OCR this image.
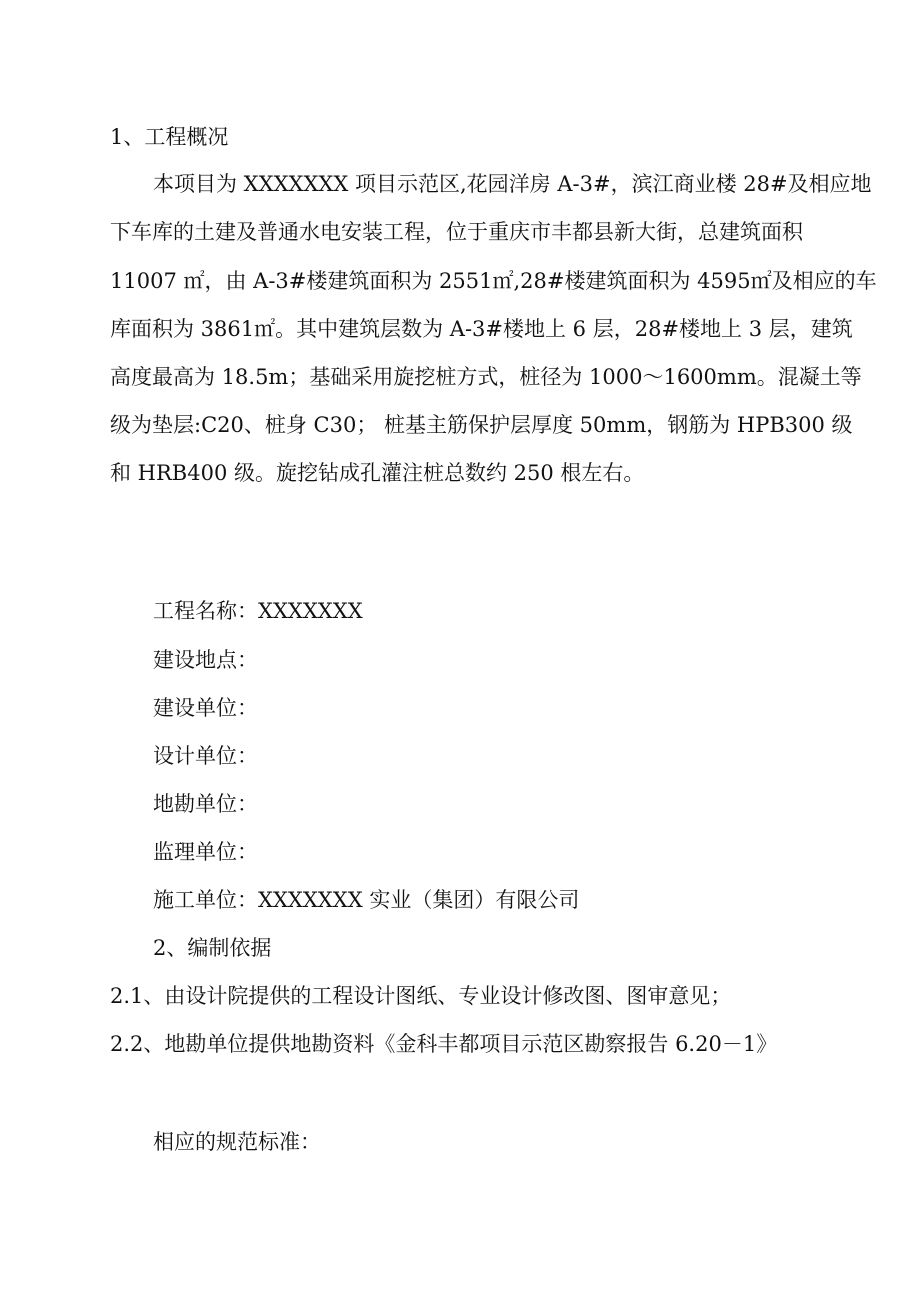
1、工程概况
本项目为 XXXXXXX 项目示范区,花园洋房 A-3#，滨江商业楼 28#及相应地
下车库的土建及普通水电安装工程，位于重庆市丰都县新大街，总建筑面积
11007 ㎡，由 A-3#楼建筑面积为 2551㎡,28#楼建筑面积为 4595㎡及相应的车
库面积为 3861㎡。其中建筑层数为 A-3#楼地上 6 层，28#楼地上 3 层，建筑
高度最高为 18.5m；基础采用旋挖桩方式，桩径为 1000～1600mm。混凝土等
级为垫层:C20、桩身 C30； 桩基主筋保护层厚度 50mm，钢筋为 HPB300 级
和 HRB400 级。旋挖钻成孔灌注桩总数约 250 根左右。
工程名称：XXXXXXX
建设地点：
建设单位：
设计单位：
地勘单位：
监理单位：
施工单位：XXXXXXX 实业（集团）有限公司
2、编制依据
2.1、由设计院提供的工程设计图纸、专业设计修改图、图审意见；
2.2、地勘单位提供地勘资料《金科丰都项目示范区勘察报告 6.20－1》
相应的规范标准：
